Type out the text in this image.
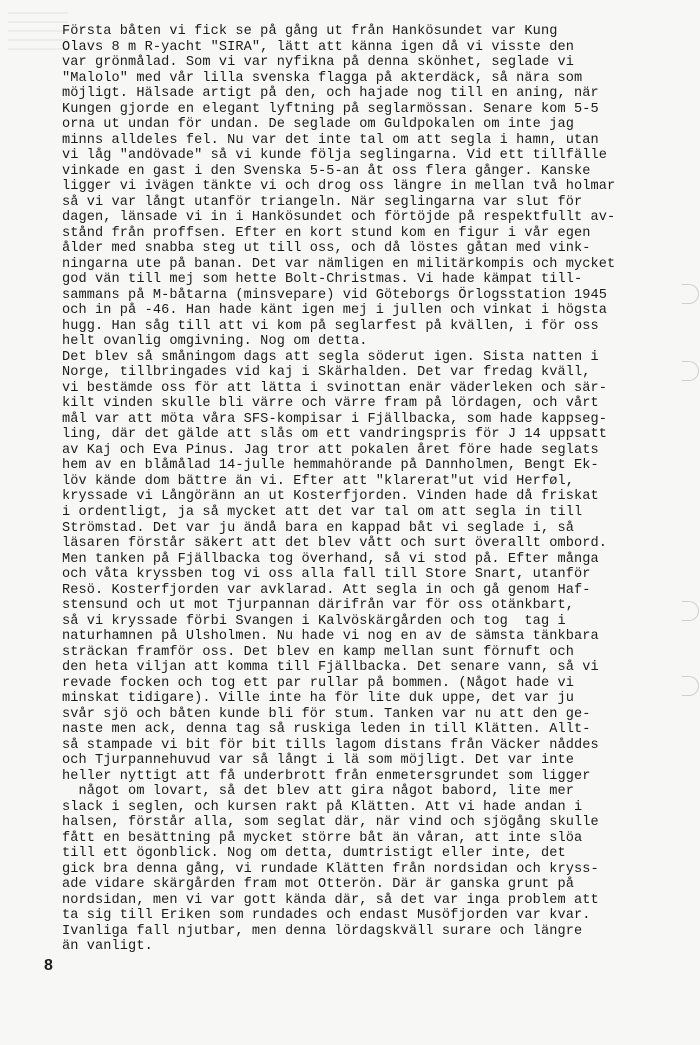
Första båten vi fick se på gång ut från Hankösundet var Kung
Olavs 8 m R-yacht "SIRA", lätt att känna igen då vi visste den
var grönmålad. Som vi var nyfikna på denna skönhet, seglade vi
"Malolo" med vår lilla svenska flagga på akterdäck, så nära som
möjligt. Hälsade artigt på den, och hajade nog till en aning, när
Kungen gjorde en elegant lyftning på seglarmössan. Senare kom 5-5
orna ut undan för undan. De seglade om Guldpokalen om inte jag
minns alldeles fel. Nu var det inte tal om att segla i hamn, utan
vi låg "andövade" så vi kunde följa seglingarna. Vid ett tillfälle
vinkade en gast i den Svenska 5-5-an åt oss flera gånger. Kanske
ligger vi ivägen tänkte vi och drog oss längre in mellan två holmar
så vi var långt utanför triangeln. När seglingarna var slut för
dagen, länsade vi in i Hankösundet och förtöjde på respektfullt av-
stånd från proffsen. Efter en kort stund kom en figur i vår egen
ålder med snabba steg ut till oss, och då löstes gåtan med vink-
ningarna ute på banan. Det var nämligen en militärkompis och mycket
god vän till mej som hette Bolt-Christmas. Vi hade kämpat till-
sammans på M-båtarna (minsvepare) vid Göteborgs Örlogsstation 1945
och in på -46. Han hade känt igen mej i jullen och vinkat i högsta
hugg. Han såg till att vi kom på seglarfest på kvällen, i för oss
helt ovanlig omgivning. Nog om detta.
Det blev så småningom dags att segla söderut igen. Sista natten i
Norge, tillbringades vid kaj i Skärhalden. Det var fredag kväll,
vi bestämde oss för att lätta i svinottan enär väderleken och sär-
kilt vinden skulle bli värre och värre fram på lördagen, och vårt
mål var att möta våra SFS-kompisar i Fjällbacka, som hade kappseg-
ling, där det gälde att slås om ett vandringspris för J 14 uppsatt
av Kaj och Eva Pinus. Jag tror att pokalen året före hade seglats
hem av en blåmålad 14-julle hemmahörande på Dannholmen, Bengt Ek-
löv kände dom bättre än vi. Efter att "klarerat"ut vid Herføl,
kryssade vi Långöränn an ut Kosterfjorden. Vinden hade då friskat
i ordentligt, ja så mycket att det var tal om att segla in till
Strömstad. Det var ju ändå bara en kappad båt vi seglade i, så
läsaren förstår säkert att det blev vått och surt överallt ombord.
Men tanken på Fjällbacka tog överhand, så vi stod på. Efter många
och våta kryssben tog vi oss alla fall till Store Snart, utanför
Resö. Kosterfjorden var avklarad. Att segla in och gå genom Haf-
stensund och ut mot Tjurpannan därifrån var för oss otänkbart,
så vi kryssade förbi Svangen i Kalvöskärgården och tog  tag i
naturhamnen på Ulsholmen. Nu hade vi nog en av de sämsta tänkbara
sträckan framför oss. Det blev en kamp mellan sunt förnuft och
den heta viljan att komma till Fjällbacka. Det senare vann, så vi
revade focken och tog ett par rullar på bommen. (Något hade vi
minskat tidigare). Ville inte ha för lite duk uppe, det var ju
svår sjö och båten kunde bli för stum. Tanken var nu att den ge-
naste men ack, denna tag så ruskiga leden in till Klätten. Allt-
så stampade vi bit för bit tills lagom distans från Väcker nåddes
och Tjurpannehuvud var så långt i lä som möjligt. Det var inte
heller nyttigt att få underbrott från enmetersgrundet som ligger
något om lovart, så det blev att gira något babord, lite mer
slack i seglen, och kursen rakt på Klätten. Att vi hade andan i
halsen, förstår alla, som seglat där, när vind och sjögång skulle
fått en besättning på mycket större båt än våran, att inte slöa
till ett ögonblick. Nog om detta, dumtristigt eller inte, det
gick bra denna gång, vi rundade Klätten från nordsidan och kryss-
ade vidare skärgården fram mot Otterön. Där är ganska grunt på
nordsidan, men vi var gott kända där, så det var inga problem att
ta sig till Eriken som rundades och endast Musöfjorden var kvar.
Ivanliga fall njutbar, men denna lördagskväll surare och längre
än vanligt.
8
